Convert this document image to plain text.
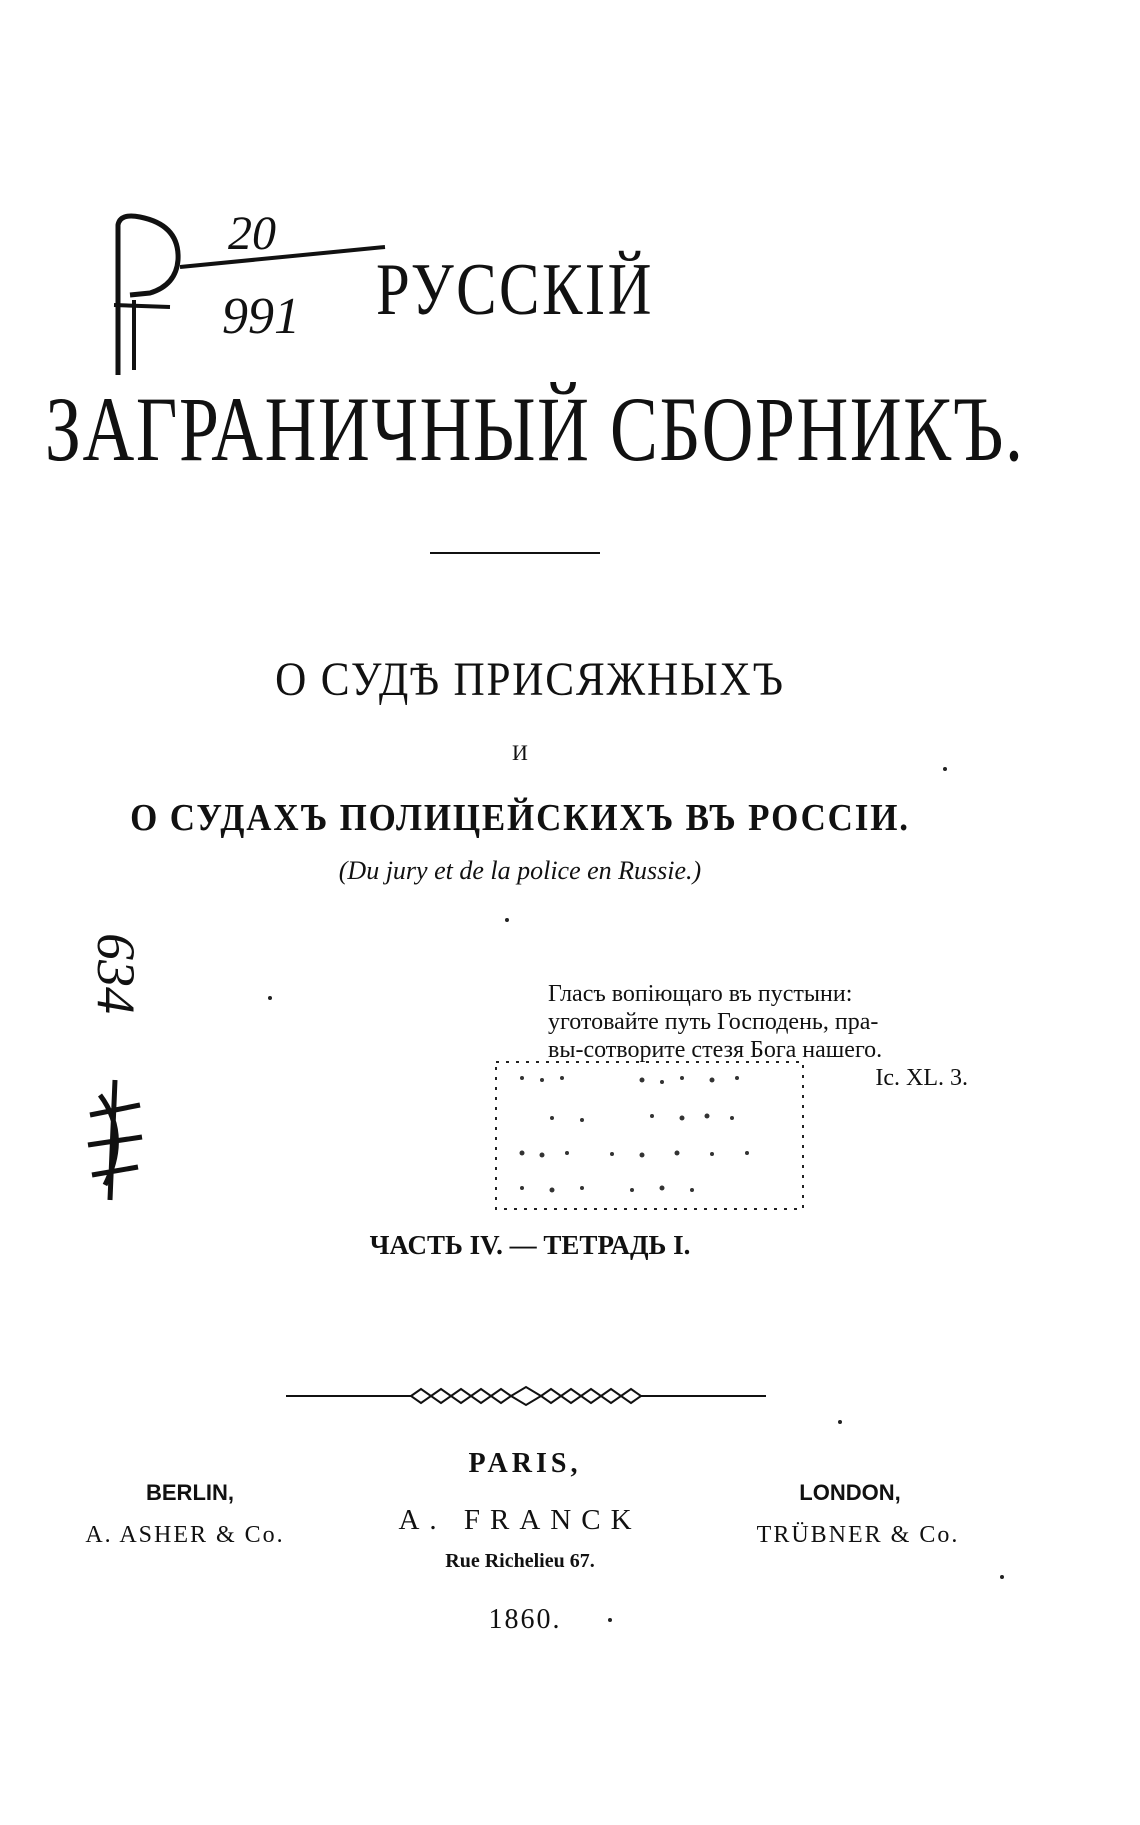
20
991 РУССКІЙ
ЗАГРАНИЧНЫЙ СБОРНИКЪ.
О СУДѢ ПРИСЯЖНЫХЪ
И
О СУДАХЪ ПОЛИЦЕЙСКИХЪ ВЪ РОССІИ.
(Du jury et de la police en Russie.)
634	Гласъ вопіющаго въ пустыни:
уготовайте путь Господень, пра-
вы-сотворите стезя Бога нашего.
Іс. XL. 3.
ЧАСТЬ IV. — ТЕТРАДЬ I.
PARIS,
BERLIN,	LONDON,
A. ASHER & Co.	A. FRANCK	TRÜBNER & Co.
Rue Richelieu 67.
1860.
